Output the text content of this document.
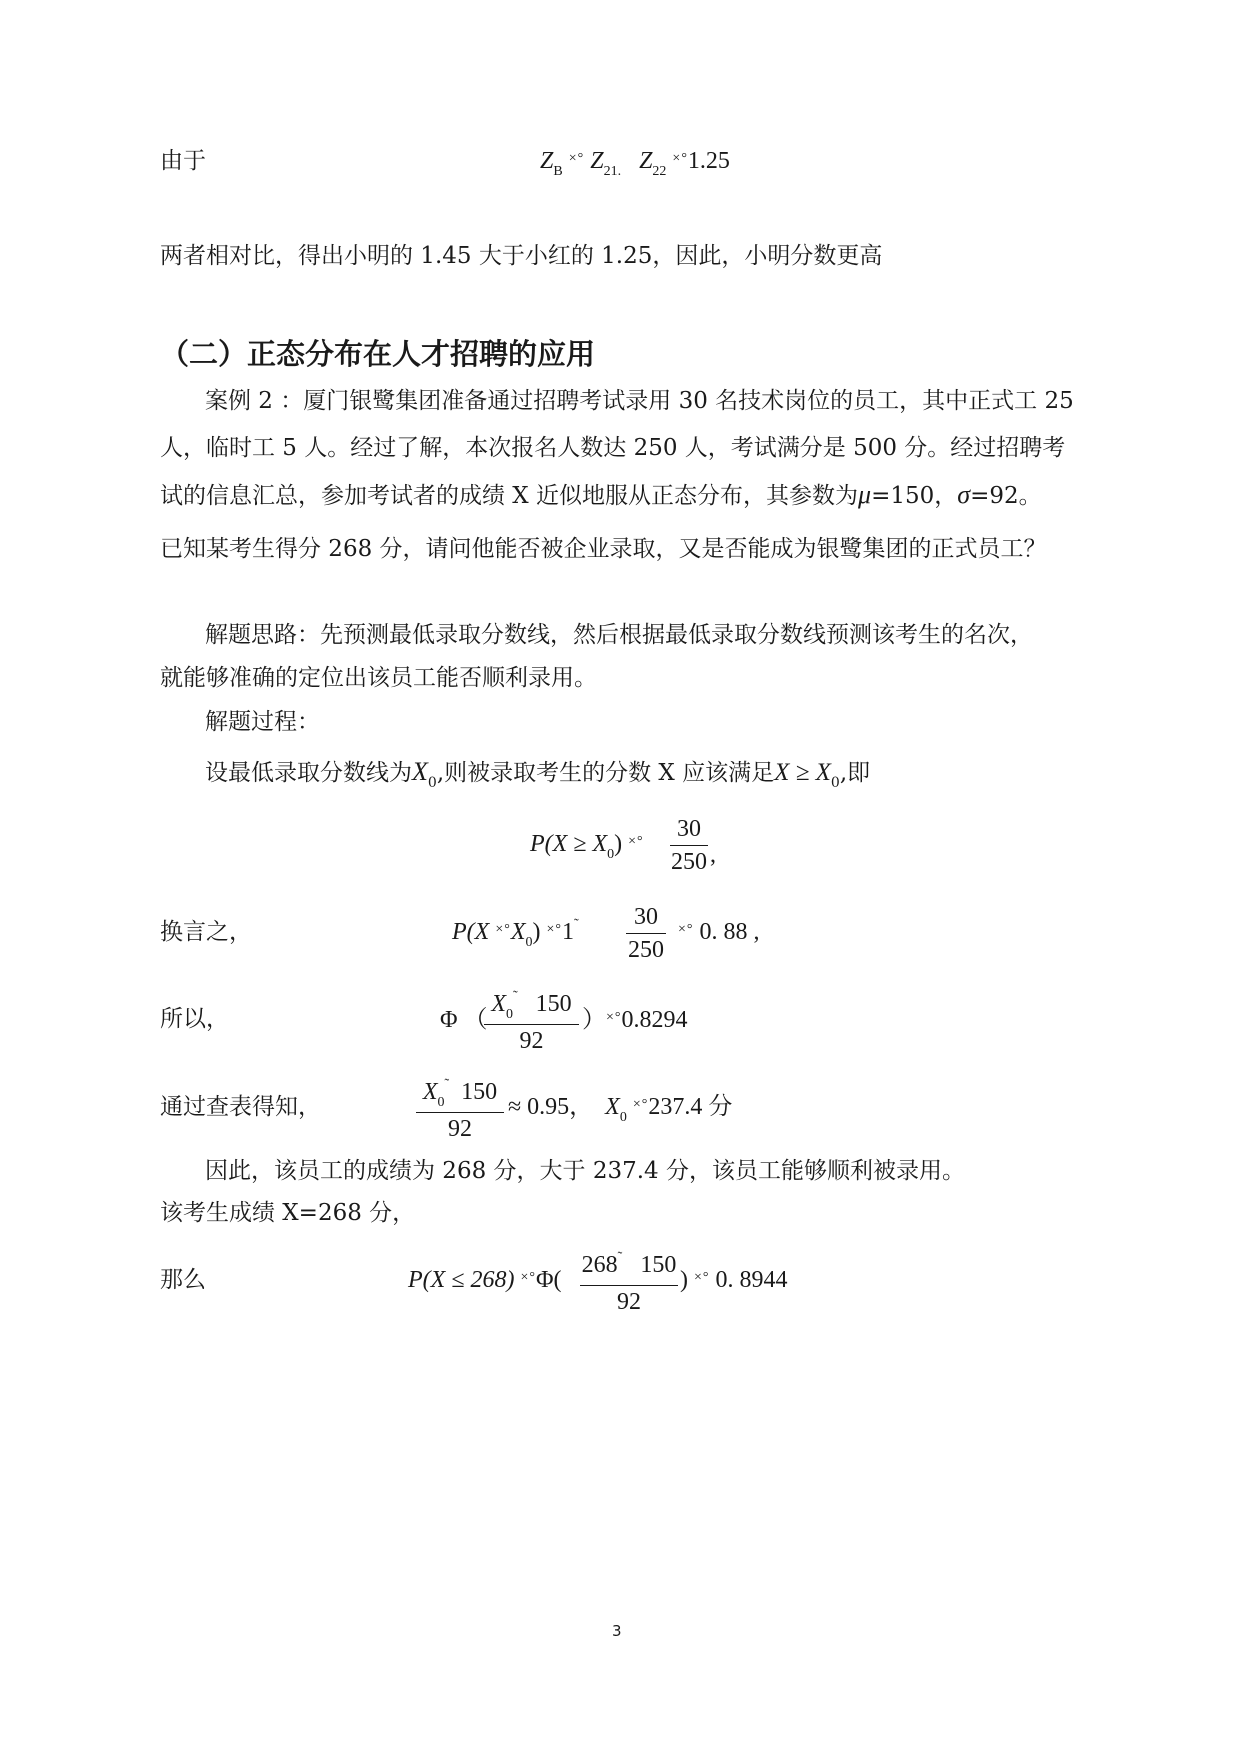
由于	$Z_B$ ×° $Z_{21.}$ $Z_{22}$ ×°1.25
两者相对比，得出小明的 1.45 大于小红的 1.25，因此，小明分数更高
（二）正态分布在人才招聘的应用
案例 2 ：厦门银鹭集团准备通过招聘考试录用 30 名技术岗位的员工，其中正式工 25
人，临时工 5 人。经过了解，本次报名人数达 250 人，考试满分是 500 分。经过招聘考
试的信息汇总，参加考试者的成绩 X 近似地服从正态分布，其参数为μ=150，σ=92。
已知某考生得分 268 分，请问他能否被企业录取，又是否能成为银鹭集团的正式员工？
解题思路：先预测最低录取分数线，然后根据最低录取分数线预测该考生的名次，
就能够准确的定位出该员工能否顺利录用。
解题过程：
设最低录取分数线为$X_0$,则被录取考生的分数 X 应该满足$X \ge X_0$,即
$P(X \ge X_0)$ ×° 30
250 ,
换言之，	P(X $^{\times^\circ}X_0$) ×°1˜	30
250
×° 0. 88 ,
所以，	Φ （
$X_0^˜$ 150
92
）×°0.8294
通过查表得知，
$X_0^˜$ 150
92
≈ 0.95， $X_0$ ×°237.4 分
因此，该员工的成绩为 268 分，大于 237.4 分，该员工能够顺利被录用。
该考生成绩 X=268 分，
那么	P(X ≤ 268) ×°Φ(
268˜ 150
92
) ×° 0. 8944
3
